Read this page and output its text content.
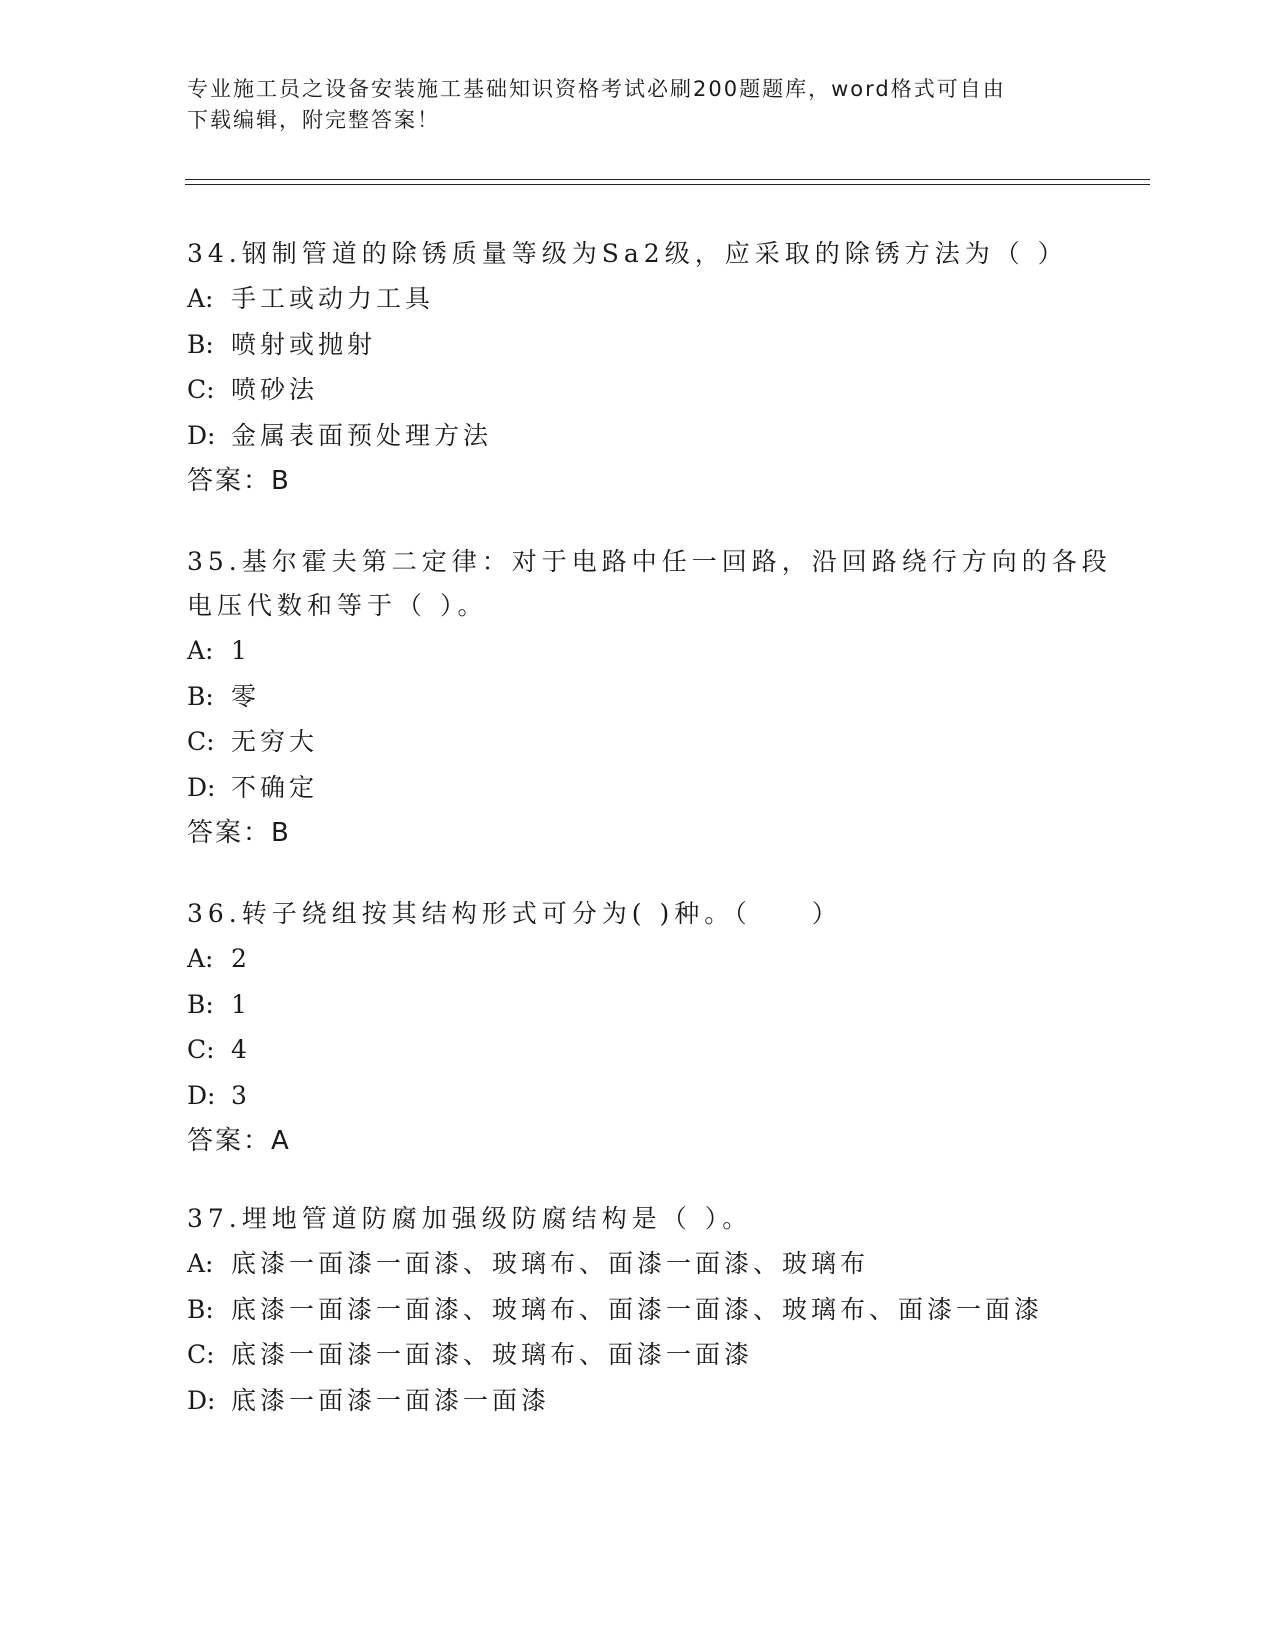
专业施工员之设备安装施工基础知识资格考试必刷200题题库，word格式可自由
下载编辑，附完整答案！
34.钢制管道的除锈质量等级为Sa2级，应采取的除锈方法为（ ）
A: 手工或动力工具
B: 喷射或抛射
C: 喷砂法
D: 金属表面预处理方法
答案：B
35.基尔霍夫第二定律：对于电路中任一回路，沿回路绕行方向的各段
电压代数和等于（ ）。
A: 1
B: 零
C: 无穷大
D: 不确定
答案：B
36.转子绕组按其结构形式可分为( )种。（　　）
A: 2
B: 1
C: 4
D: 3
答案：A
37.埋地管道防腐加强级防腐结构是（ ）。
A: 底漆一面漆一面漆、玻璃布、面漆一面漆、玻璃布
B: 底漆一面漆一面漆、玻璃布、面漆一面漆、玻璃布、面漆一面漆
C: 底漆一面漆一面漆、玻璃布、面漆一面漆
D: 底漆一面漆一面漆一面漆
